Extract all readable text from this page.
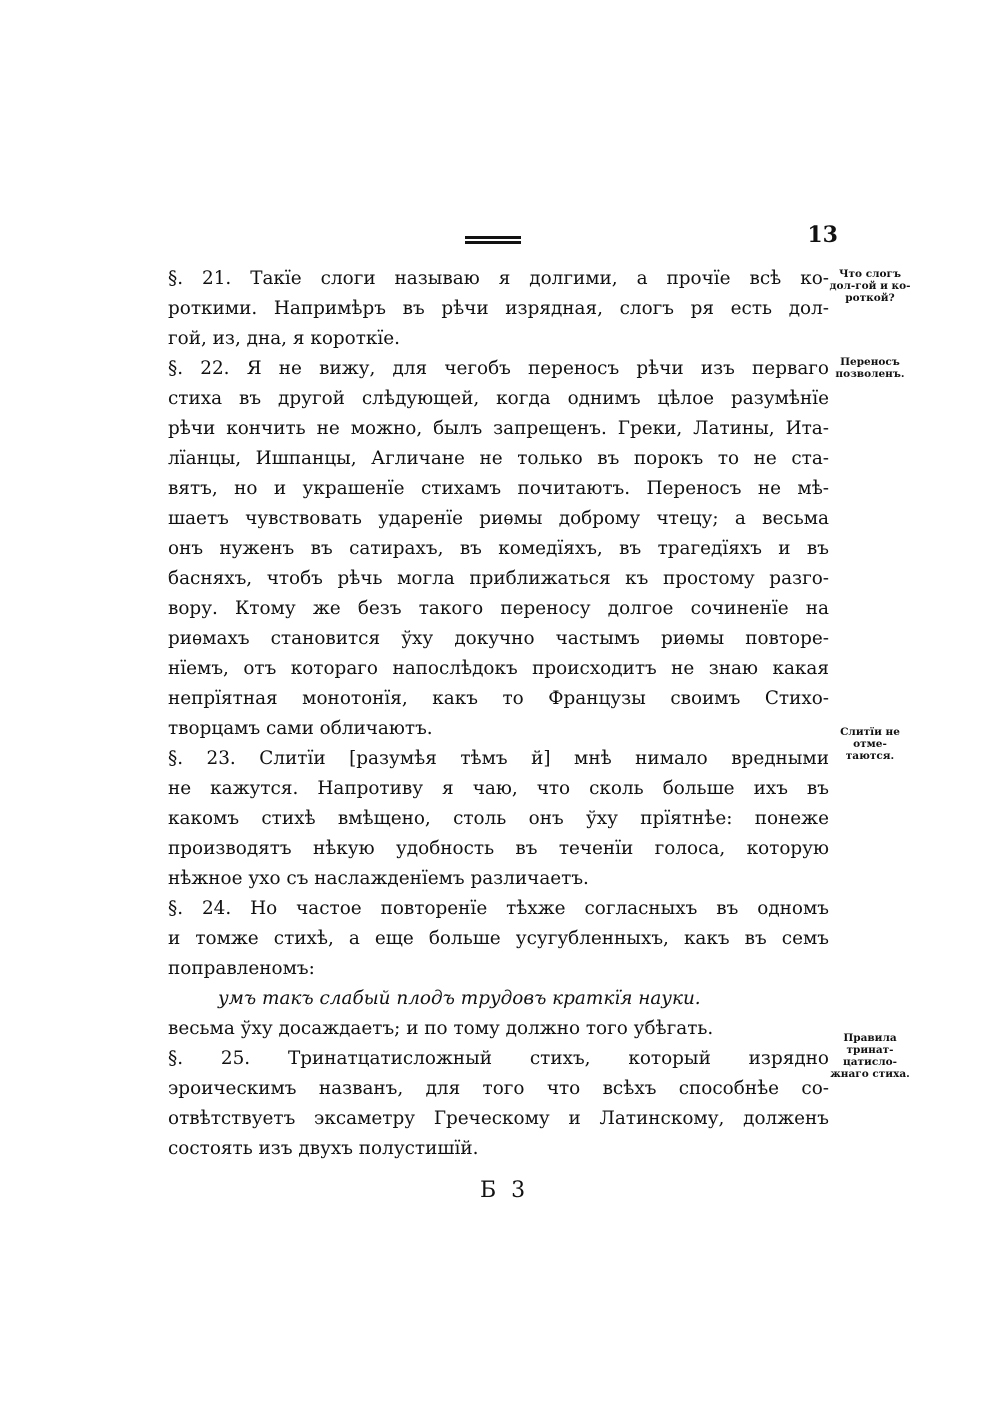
13
§. 21. Такїе слоги называю я долгими, а прочїе всѣ ко-
роткими. Напримѣръ въ рѣчи изрядная, слогъ ря есть дол-
гой, из, дна, я короткїе.
§. 22. Я не вижу, для чегобъ переносъ рѣчи изъ перваго
стиха въ другой слѣдующей, когда однимъ цѣлое разумѣнїе
рѣчи кончить не можно, былъ запрещенъ. Греки, Латины, Ита-
лїанцы, Ишпанцы, Агличане не только въ порокъ то не ста-
вятъ, но и украшенїе стихамъ почитаютъ. Переносъ не мѣ-
шаетъ чувствовать ударенїе риѳмы доброму чтецу; а весьма
онъ нуженъ въ сатирахъ, въ комедїяхъ, въ трагедїяхъ и въ
басняхъ, чтобъ рѣчь могла приближаться къ простому разго-
вору. Ктому же безъ такого переносу долгое сочиненїе на
риѳмахъ становится ўху докучно частымъ риѳмы повторе-
нїемъ, отъ котораго напослѣдокъ происходитъ не знаю какая
непрїятная монотонїя, какъ то Французы своимъ Стихо-
творцамъ сами обличаютъ.
§. 23. Слитїи [разумѣя тѣмъ й] мнѣ нимало вредными
не кажутся. Напротиву я чаю, что сколь больше ихъ въ
какомъ стихѣ вмѣщено, столь онъ ўху прїятнѣе: понеже
производятъ нѣкую удобность въ теченїи голоса, которую
нѣжное ухо съ наслажденїемъ различаетъ.
§. 24. Но частое повторенїе тѣхже согласныхъ въ одномъ
и томже стихѣ, а еще больше усугубленныхъ, какъ въ семъ
поправленомъ:
умъ такъ слабый плодъ трудовъ краткїя науки.
весьма ўху досаждаетъ; и по тому должно того убѣгать.
§. 25. Тринатцатисложный стихъ, который изрядно
эроическимъ названъ, для того что всѣхъ способнѣе со-
отвѣтствуетъ эксаметру Греческому и Латинскому, долженъ
состоять изъ двухъ полустишїй.
Б 3
Что слогъ дол-гой и ко-роткой?
Переносъ позволенъ.
Слитїи не отме-таются.
Правила тринат-цатисло-жнаго стиха.
